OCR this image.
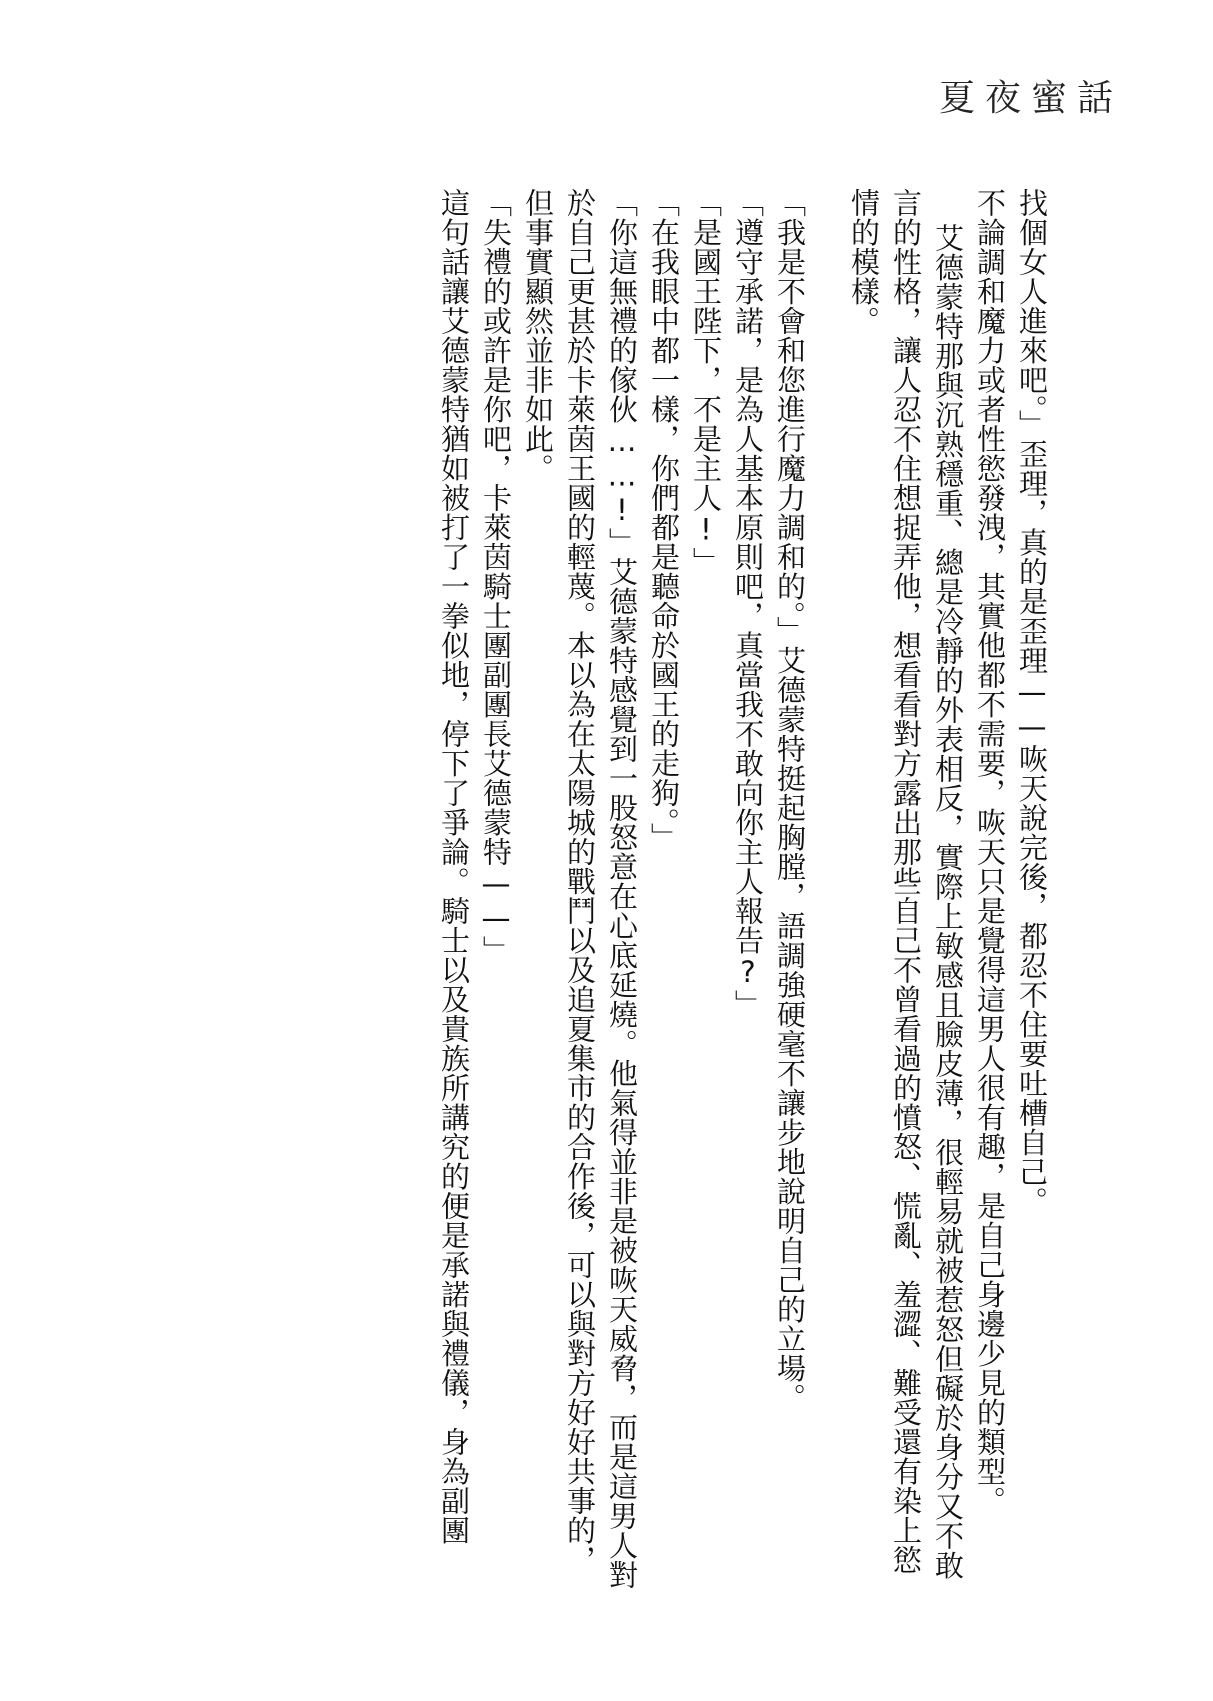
夏夜蜜話

找個女人進來吧。」歪理，真的是歪理——咴天說完後，都忍不住要吐槽自己。

不論調和魔力或者性慾發洩，其實他都不需要，咴天只是覺得這男人很有趣，是自己身邊少見的類型。

艾德蒙特那與沉熟穩重、總是冷靜的外表相反，實際上敏感且臉皮薄，很輕易就被惹怒但礙於身分又不敢言的性格，讓人忍不住想捉弄他，想看看對方露出那些自己不曾看過的憤怒、慌亂、羞澀、難受還有染上慾情的模樣。

「我是不會和您進行魔力調和的。」艾德蒙特挺起胸膛，語調強硬毫不讓步地說明自己的立場。

「遵守承諾，是為人基本原則吧，真當我不敢向你主人報告?」

「是國王陛下，不是主人!」

「在我眼中都一樣，你們都是聽命於國王的走狗。」

「你這無禮的傢伙……!」艾德蒙特感覺到一股怒意在心底延燒。他氣得並非是被咴天威脅，而是這男人對於自己更甚於卡萊茵王國的輕蔑。本以為在太陽城的戰鬥以及追夏集市的合作後，可以與對方好好共事的，但事實顯然並非如此。

「失禮的或許是你吧，卡萊茵騎士團副團長艾德蒙特——」

這句話讓艾德蒙特猶如被打了一拳似地，停下了爭論。騎士以及貴族所講究的便是承諾與禮儀，身為副團
